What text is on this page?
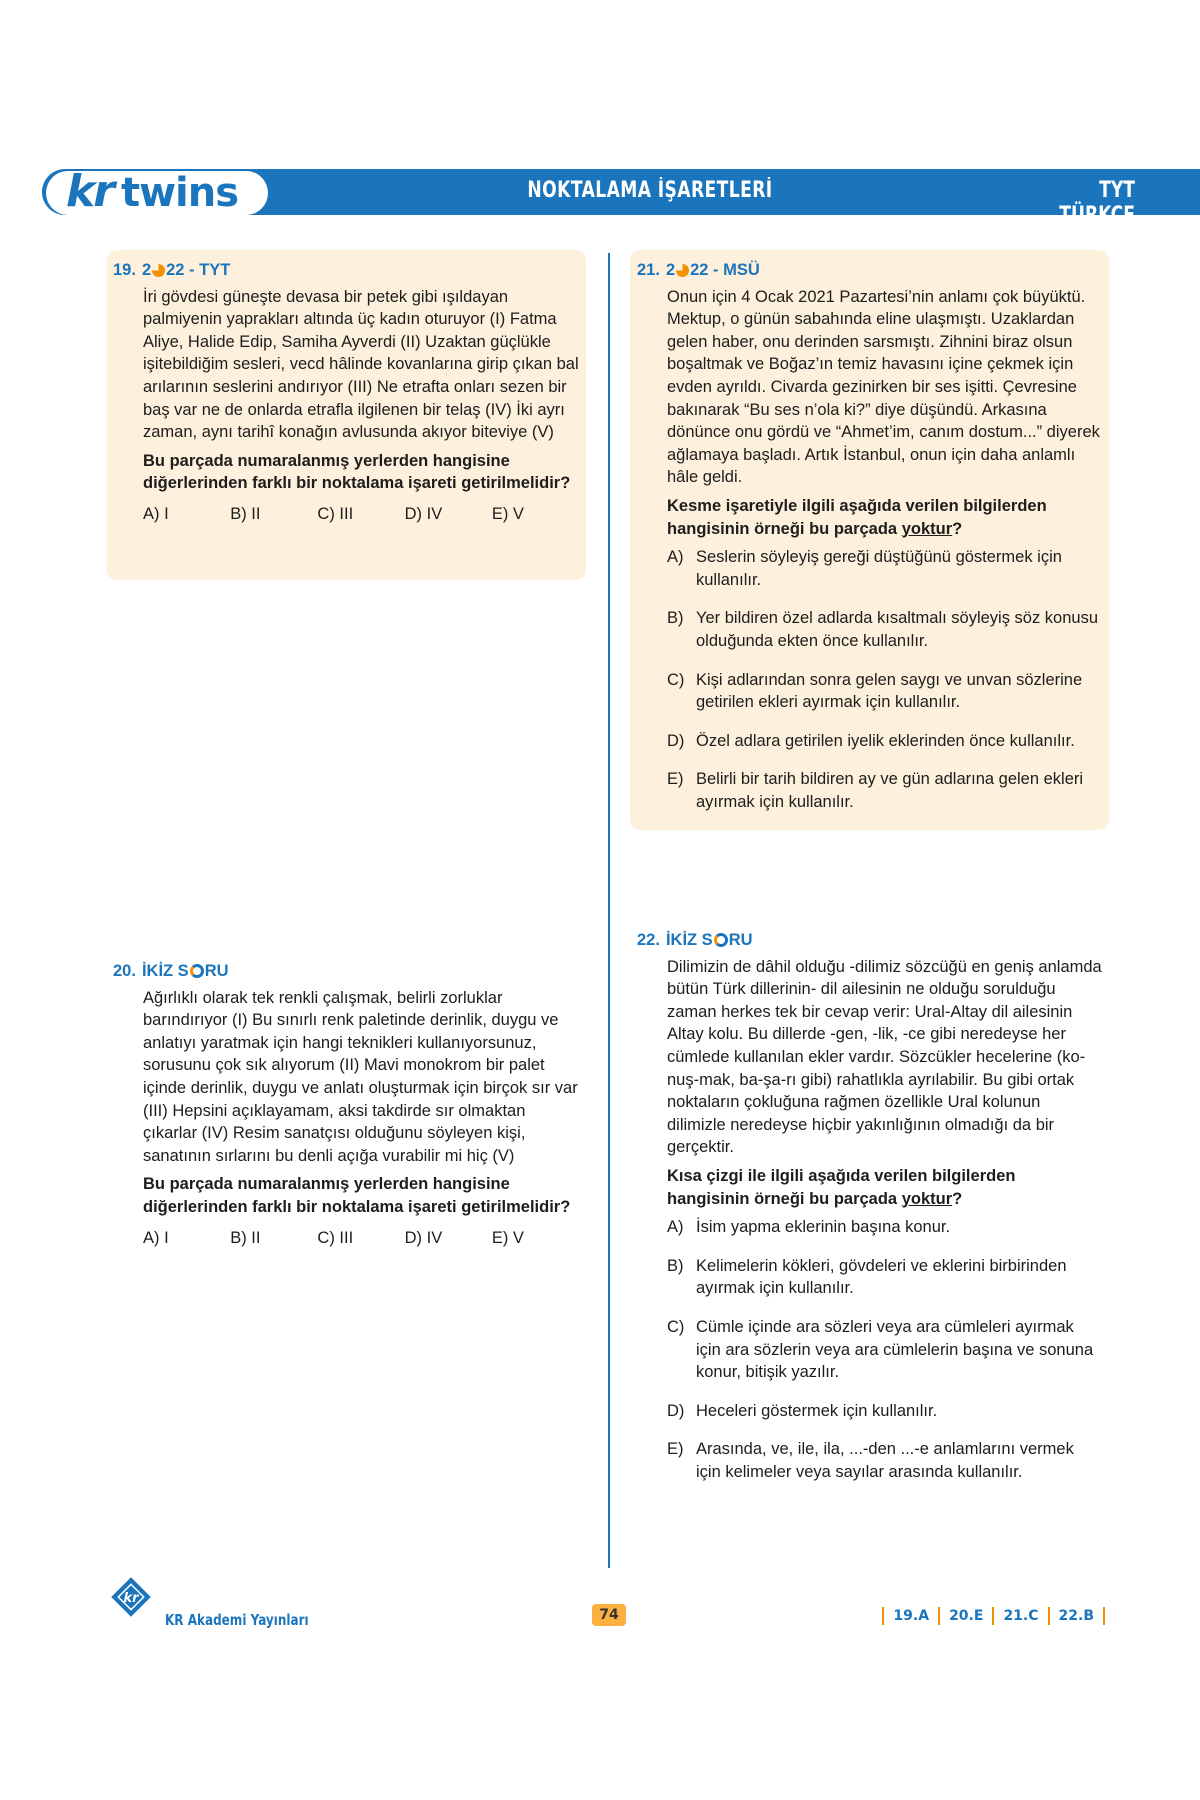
kr twins	NOKTALAMA İŞARETLERİ	TYT TÜRKÇE
19. 2 22 - TYT
İri gövdesi güneşte devasa bir petek gibi ışıldayan palmiyenin yaprakları altında üç kadın oturuyor (I) Fatma Aliye, Halide Edip, Samiha Ayverdi (II) Uzaktan güçlükle işitebildiğim sesleri, vecd hâlinde kovanlarına girip çıkan bal arılarının seslerini andırıyor (III) Ne etrafta onları sezen bir baş var ne de onlarda etrafla ilgilenen bir telaş (IV) İki ayrı zaman, aynı tarihî konağın avlusunda akıyor biteviye (V)
Bu parçada numaralanmış yerlerden hangisine diğerlerinden farklı bir noktalama işareti getirilmelidir?
A) I	B) II	C) III	D) IV	E) V
21. 2 22 - MSÜ
Onun için 4 Ocak 2021 Pazartesi’nin anlamı çok büyüktü. Mektup, o günün sabahında eline ulaşmıştı. Uzaklardan gelen haber, onu derinden sarsmıştı. Zihnini biraz olsun boşaltmak ve Boğaz’ın temiz havasını içine çekmek için evden ayrıldı. Civarda gezinirken bir ses işitti. Çevresine bakınarak “Bu ses n’ola ki?” diye düşündü. Arkasına dönünce onu gördü ve “Ahmet’im, canım dostum...” diyerek ağlamaya başladı. Artık İstanbul, onun için daha anlamlı hâle geldi.
Kesme işaretiyle ilgili aşağıda verilen bilgilerden hangisinin örneği bu parçada yoktur?
A) Seslerin söyleyiş gereği düştüğünü göstermek için kullanılır.
B) Yer bildiren özel adlarda kısaltmalı söyleyiş söz konusu olduğunda ekten önce kullanılır.
C) Kişi adlarından sonra gelen saygı ve unvan sözlerine getirilen ekleri ayırmak için kullanılır.
D) Özel adlara getirilen iyelik eklerinden önce kullanılır.
E) Belirli bir tarih bildiren ay ve gün adlarına gelen ekleri ayırmak için kullanılır.
20. İKİZ S RU
Ağırlıklı olarak tek renkli çalışmak, belirli zorluklar barındırıyor (I) Bu sınırlı renk paletinde derinlik, duygu ve anlatıyı yaratmak için hangi teknikleri kullanıyorsunuz, sorusunu çok sık alıyorum (II) Mavi monokrom bir palet içinde derinlik, duygu ve anlatı oluşturmak için birçok sır var (III) Hepsini açıklayamam, aksi takdirde sır olmaktan çıkarlar (IV) Resim sanatçısı olduğunu söyleyen kişi, sanatının sırlarını bu denli açığa vurabilir mi hiç (V)
Bu parçada numaralanmış yerlerden hangisine diğerlerinden farklı bir noktalama işareti getirilmelidir?
A) I	B) II	C) III	D) IV	E) V
22. İKİZ S RU
Dilimizin de dâhil olduğu -dilimiz sözcüğü en geniş anlamda bütün Türk dillerinin- dil ailesinin ne olduğu sorulduğu zaman herkes tek bir cevap verir: Ural-Altay dil ailesinin Altay kolu. Bu dillerde -gen, -lik, -ce gibi neredeyse her cümlede kullanılan ekler vardır. Sözcükler hecelerine (ko-nuş-mak, ba-şa-rı gibi) rahatlıkla ayrılabilir. Bu gibi ortak noktaların çokluğuna rağmen özellikle Ural kolunun dilimizle neredeyse hiçbir yakınlığının olmadığı da bir gerçektir.
Kısa çizgi ile ilgili aşağıda verilen bilgilerden hangisinin örneği bu parçada yoktur?
A) İsim yapma eklerinin başına konur.
B) Kelimelerin kökleri, gövdeleri ve eklerini birbirinden ayırmak için kullanılır.
C) Cümle içinde ara sözleri veya ara cümleleri ayırmak için ara sözlerin veya ara cümlelerin başına ve sonuna konur, bitişik yazılır.
D) Heceleri göstermek için kullanılır.
E) Arasında, ve, ile, ila, ...-den ...-e anlamlarını vermek için kelimeler veya sayılar arasında kullanılır.
kr
KR Akademi Yayınları	74	19.A 20.E 21.C 22.B
